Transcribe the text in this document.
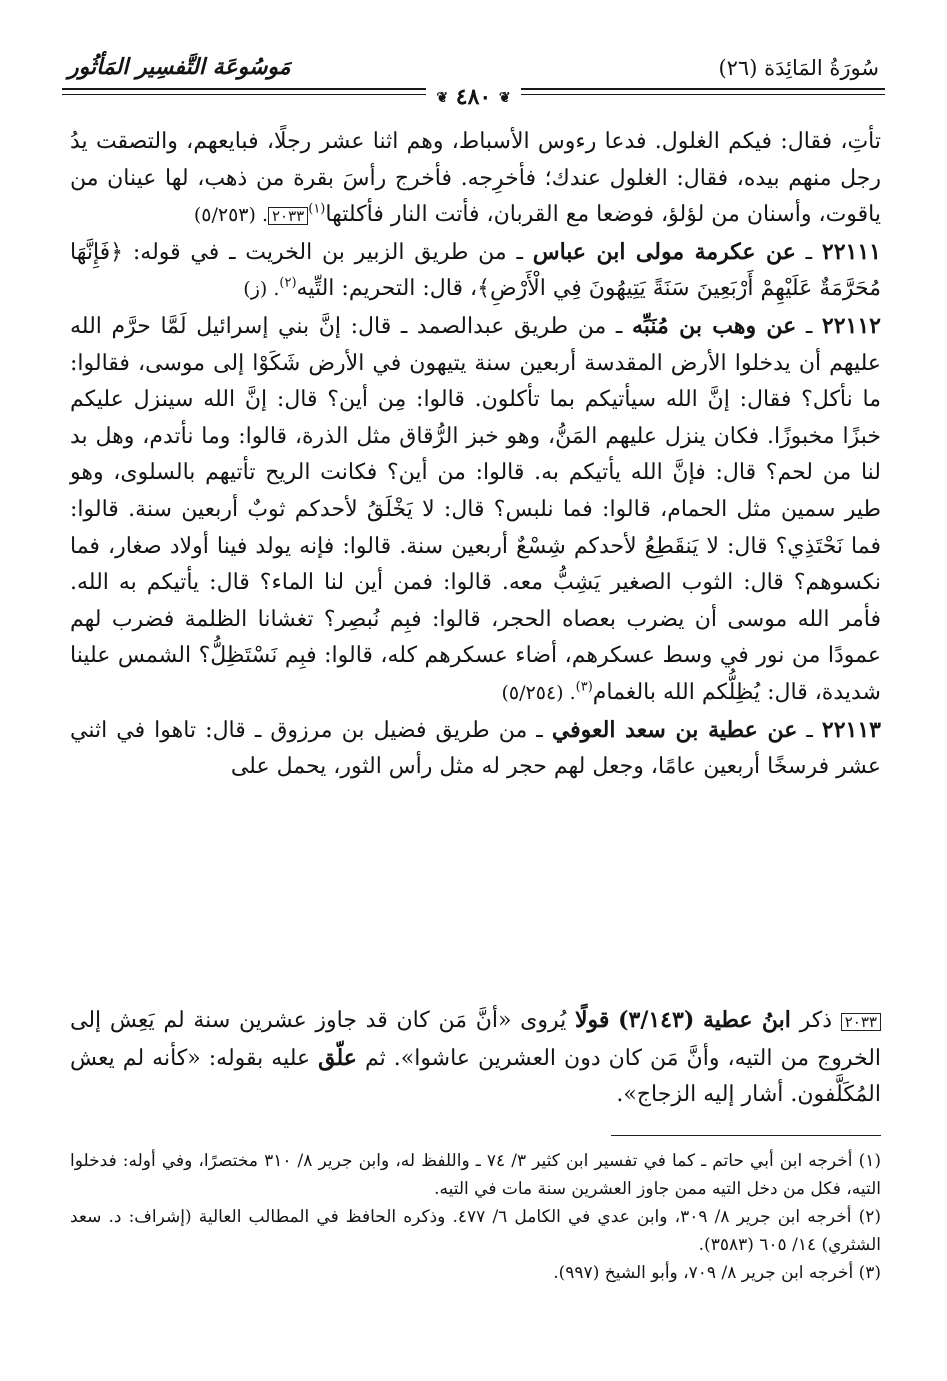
سُورَةُ المَائِدَة (٢٦)
مَوسُوعَة التَّفسِير المَأثُور
❦ ٤٨٠ ❦

تأتِ، فقال: فيكم الغلول. فدعا رءوس الأسباط، وهم اثنا عشر رجلًا، فبايعهم، والتصقت يدُ رجل منهم بيده، فقال: الغلول عندك؛ فأخرِجه. فأخرج رأسَ بقرة من ذهب، لها عينان من ياقوت، وأسنان من لؤلؤ، فوضعا مع القربان، فأتت النار فأكلتها$^{(١)}$٢٠٣٣. (٥/٢٥٣)

٢٢١١١ ـ عن عكرمة مولى ابن عباس ـ من طريق الزبير بن الخريت ـ في قوله: ﴿فَإِنَّهَا مُحَرَّمَةٌ عَلَيْهِمْ أَرْبَعِينَ سَنَةً يَتِيهُونَ فِي الْأَرْضِ﴾، قال: التحريم: التِّيه$^{(٢)}$. (ز)

٢٢١١٢ ـ عن وهب بن مُنَبِّه ـ من طريق عبدالصمد ـ قال: إنَّ بني إسرائيل لَمَّا حرَّم الله عليهم أن يدخلوا الأرض المقدسة أربعين سنة يتيهون في الأرض شَكَوْا إلى موسى، فقالوا: ما نأكل؟ فقال: إنَّ الله سيأتيكم بما تأكلون. قالوا: مِن أين؟ قال: إنَّ الله سينزل عليكم خبزًا مخبوزًا. فكان ينزل عليهم المَنُّ، وهو خبز الرُّقاق مثل الذرة، قالوا: وما نأتدم، وهل بد لنا من لحم؟ قال: فإنَّ الله يأتيكم به. قالوا: من أين؟ فكانت الريح تأتيهم بالسلوى، وهو طير سمين مثل الحمام، قالوا: فما نلبس؟ قال: لا يَخْلَقُ لأحدكم ثوبٌ أربعين سنة. قالوا: فما نَحْتَذِي؟ قال: لا يَنقَطِعُ لأحدكم شِسْعٌ أربعين سنة. قالوا: فإنه يولد فينا أولاد صغار، فما نكسوهم؟ قال: الثوب الصغير يَشِبُّ معه. قالوا: فمن أين لنا الماء؟ قال: يأتيكم به الله. فأمر الله موسى أن يضرب بعصاه الحجر، قالوا: فبِم نُبصِر؟ تغشانا الظلمة فضرب لهم عمودًا من نور في وسط عسكرهم، أضاء عسكرهم كله، قالوا: فبِم نَسْتَظِلُّ؟ الشمس علينا شديدة، قال: يُظِلُّكم الله بالغمام$^{(٣)}$. (٥/٢٥٤)

٢٢١١٣ ـ عن عطية بن سعد العوفي ـ من طريق فضيل بن مرزوق ـ قال: تاهوا في اثني عشر فرسخًا أربعين عامًا، وجعل لهم حجر له مثل رأس الثور، يحمل على

٢٠٣٣ ذكر ابنُ عطية (٣/١٤٣) قولًا يُروى «أنَّ مَن كان قد جاوز عشرين سنة لم يَعِش إلى الخروج من التيه، وأنَّ مَن كان دون العشرين عاشوا». ثم علّق عليه بقوله: «كأنه لم يعش المُكَلَّفون. أشار إليه الزجاج».

(١) أخرجه ابن أبي حاتم ـ كما في تفسير ابن كثير ٣/ ٧٤ ـ واللفظ له، وابن جرير ٨/ ٣١٠ مختصرًا، وفي أوله: فدخلوا التيه، فكل من دخل التيه ممن جاوز العشرين سنة مات في التيه.

(٢) أخرجه ابن جرير ٨/ ٣٠٩، وابن عدي في الكامل ٦/ ٤٧٧. وذكره الحافظ في المطالب العالية (إشراف: د. سعد الشثري) ١٤/ ٦٠٥ (٣٥٨٣).

(٣) أخرجه ابن جرير ٨/ ٧٠٩، وأبو الشيخ (٩٩٧).
